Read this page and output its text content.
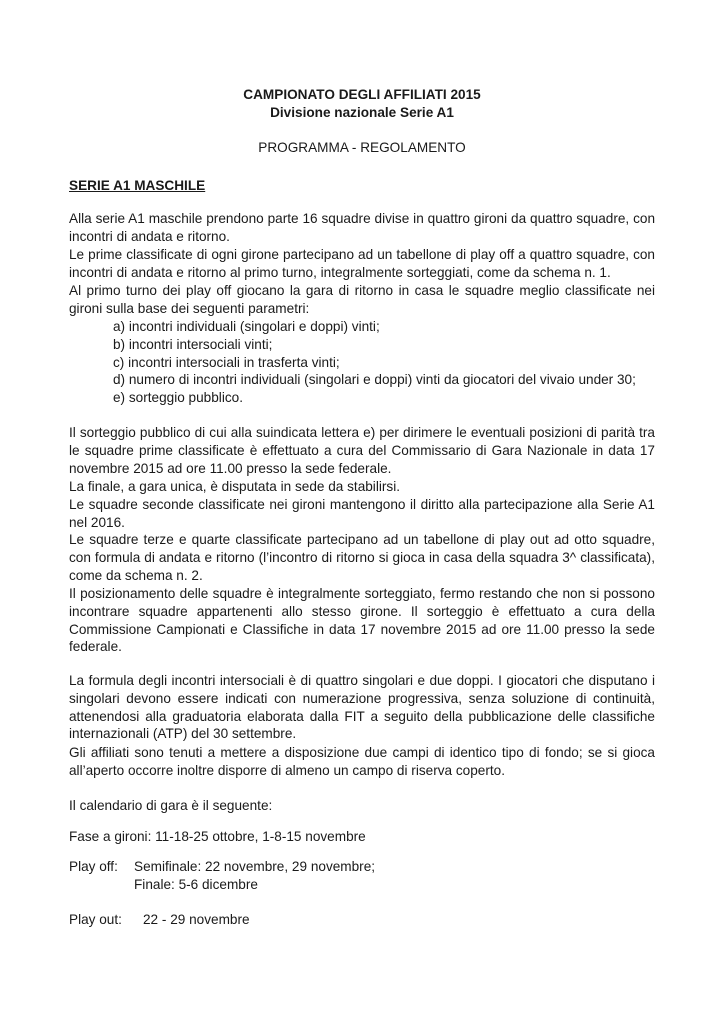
CAMPIONATO DEGLI AFFILIATI 2015

Divisione nazionale Serie A1

PROGRAMMA - REGOLAMENTO

SERIE A1 MASCHILE

Alla serie A1 maschile prendono parte 16 squadre divise in quattro gironi da quattro squadre, con incontri di andata e ritorno.

Le prime classificate di ogni girone partecipano ad un tabellone di play off a quattro squadre, con incontri di andata e ritorno al primo turno, integralmente sorteggiati, come da schema n. 1.

Al primo turno dei play off giocano la gara di ritorno in casa le squadre meglio classificate nei gironi sulla base dei seguenti parametri:

a) incontri individuali (singolari e doppi) vinti;
b) incontri intersociali vinti;
c) incontri intersociali in trasferta vinti;
d) numero di incontri individuali (singolari e doppi) vinti da giocatori del vivaio under 30;
e) sorteggio pubblico.

Il sorteggio pubblico di cui alla suindicata lettera e) per dirimere le eventuali posizioni di parità tra le squadre prime classificate è effettuato a cura del Commissario di Gara Nazionale in data 17 novembre 2015 ad ore 11.00 presso la sede federale.

La finale, a gara unica, è disputata in sede da stabilirsi.

Le squadre seconde classificate nei gironi mantengono il diritto alla partecipazione alla Serie A1 nel 2016.

Le squadre terze e quarte classificate partecipano ad un tabellone di play out ad otto squadre, con formula di andata e ritorno (l’incontro di ritorno si gioca in casa della squadra 3^ classificata), come da schema n. 2.

Il posizionamento delle squadre è integralmente sorteggiato, fermo restando che non si possono incontrare squadre appartenenti allo stesso girone. Il sorteggio è effettuato a cura della Commissione Campionati e Classifiche in data 17 novembre 2015 ad ore 11.00 presso la sede federale.

La formula degli incontri intersociali è di quattro singolari e due doppi. I giocatori che disputano i singolari devono essere indicati con numerazione progressiva, senza soluzione di continuità, attenendosi alla graduatoria elaborata dalla FIT a seguito della pubblicazione delle classifiche internazionali (ATP) del 30 settembre.

Gli affiliati sono tenuti a mettere a disposizione due campi di identico tipo di fondo; se si gioca all’aperto occorre inoltre disporre di almeno un campo di riserva coperto.

Il calendario di gara è il seguente:

Fase a gironi: 11-18-25 ottobre, 1-8-15 novembre

Play off: Semifinale: 22 novembre, 29 novembre;
Finale: 5-6 dicembre
Play out: 22 - 29 novembre
